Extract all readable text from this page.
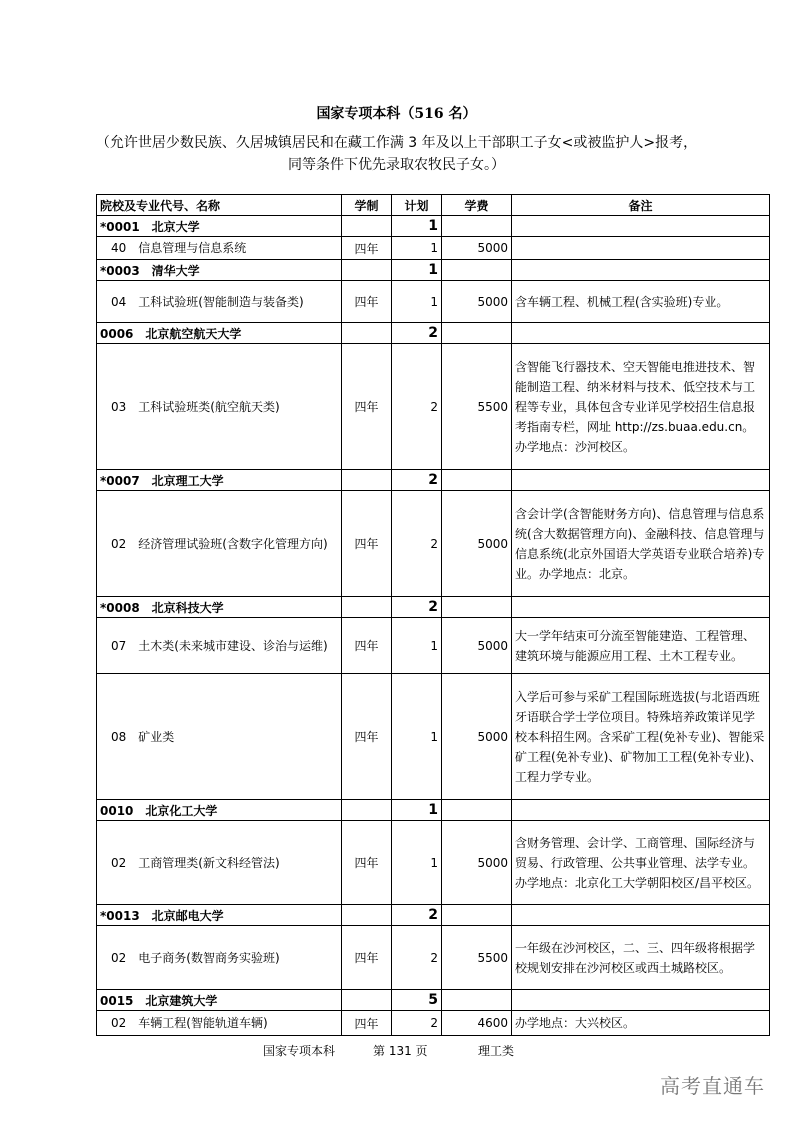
国家专项本科（516 名）
（允许世居少数民族、久居城镇居民和在藏工作满 3 年及以上干部职工子女<或被监护人>报考，
同等条件下优先录取农牧民子女。）
院校及专业代号、名称	学制	计划	学费	备注
*0001　北京大学		1		
40　信息管理与信息系统	四年	1	5000	
*0003　清华大学		1		
04　工科试验班(智能制造与装备类)	四年	1	5000	含车辆工程、机械工程(含实验班)专业。
0006　北京航空航天大学		2		
03　工科试验班类(航空航天类)	四年	2	5500	含智能飞行器技术、空天智能电推进技术、智能制造工程、纳米材料与技术、低空技术与工程等专业，具体包含专业详见学校招生信息报考指南专栏，网址 http://zs.buaa.edu.cn。办学地点：沙河校区。
*0007　北京理工大学		2		
02　经济管理试验班(含数字化管理方向)	四年	2	5000	含会计学(含智能财务方向)、信息管理与信息系统(含大数据管理方向)、金融科技、信息管理与信息系统(北京外国语大学英语专业联合培养)专业。办学地点：北京。
*0008　北京科技大学		2		
07　土木类(未来城市建设、诊治与运维)	四年	1	5000	大一学年结束可分流至智能建造、工程管理、建筑环境与能源应用工程、土木工程专业。
08　矿业类	四年	1	5000	入学后可参与采矿工程国际班选拔(与北语西班牙语联合学士学位项目。特殊培养政策详见学校本科招生网。含采矿工程(免补专业)、智能采矿工程(免补专业)、矿物加工工程(免补专业)、工程力学专业。
0010　北京化工大学		1		
02　工商管理类(新文科经管法)	四年	1	5000	含财务管理、会计学、工商管理、国际经济与贸易、行政管理、公共事业管理、法学专业。办学地点：北京化工大学朝阳校区/昌平校区。
*0013　北京邮电大学		2		
02　电子商务(数智商务实验班)	四年	2	5500	一年级在沙河校区，二、三、四年级将根据学校规划安排在沙河校区或西土城路校区。
0015　北京建筑大学		5		
02　车辆工程(智能轨道车辆)	四年	2	4600	办学地点：大兴校区。
国家专项本科	第 131 页	理工类
高考直通车
